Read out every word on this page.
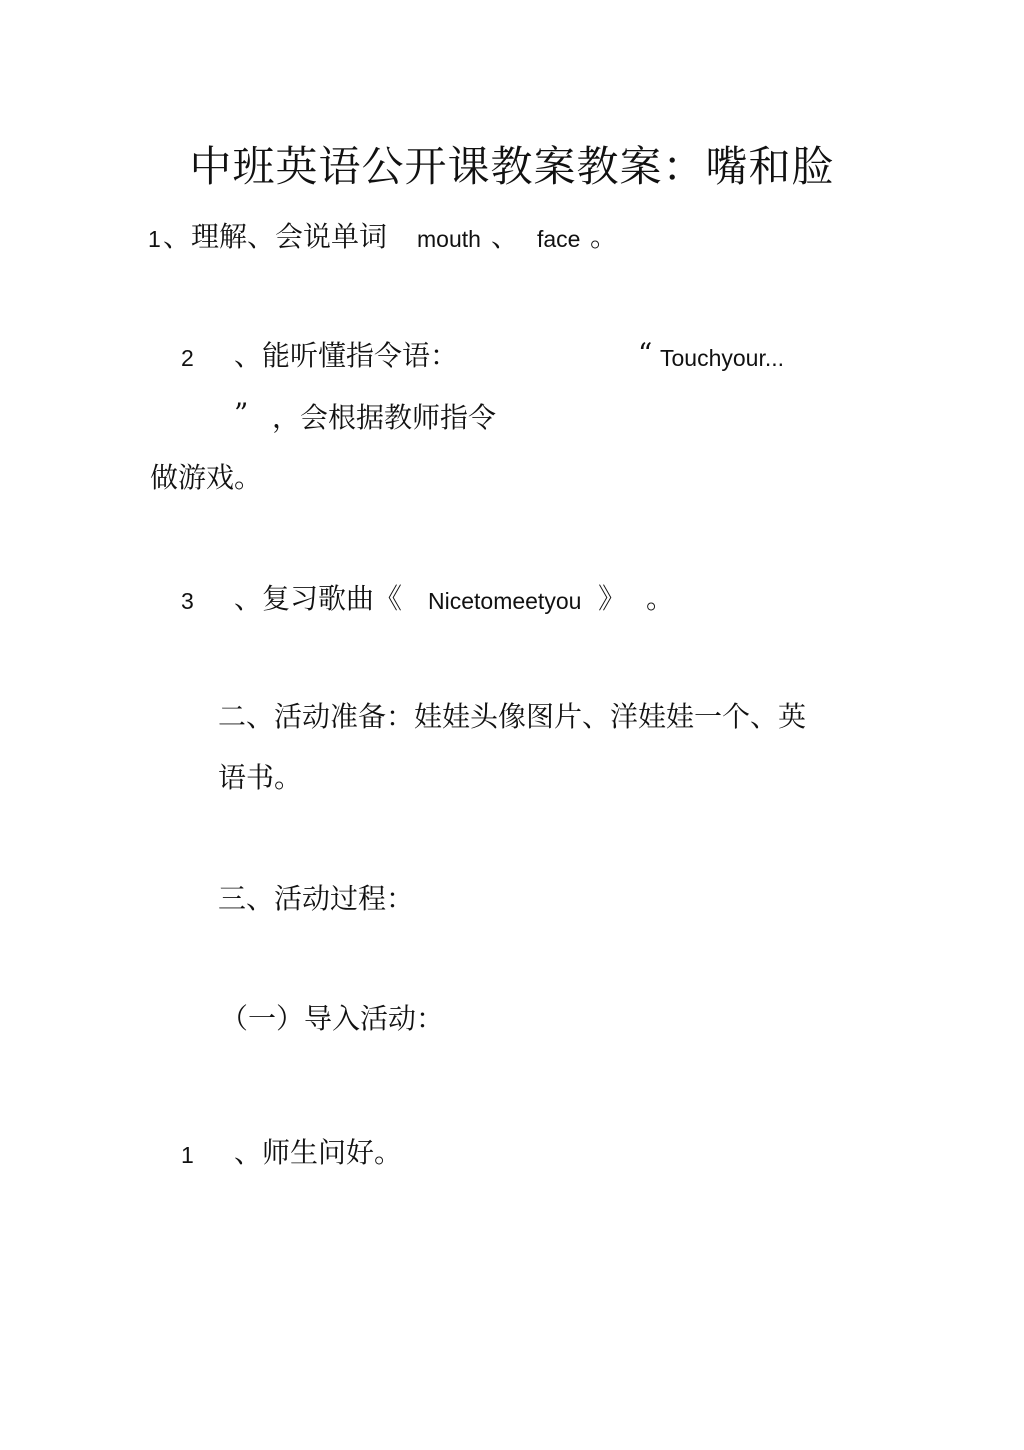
中班英语公开课教案教案：嘴和脸
1 、理解、会说单词 mouth 、 face 。
2 、能听懂指令语：	“ Touchyour...
” ，会根据教师指令
做游戏。
3 、复习歌曲《 Nicetomeetyou 》 。
二、活动准备：娃娃头像图片、洋娃娃一个、英
语书。
三、活动过程：
（一）导入活动：
1 、师生问好。
